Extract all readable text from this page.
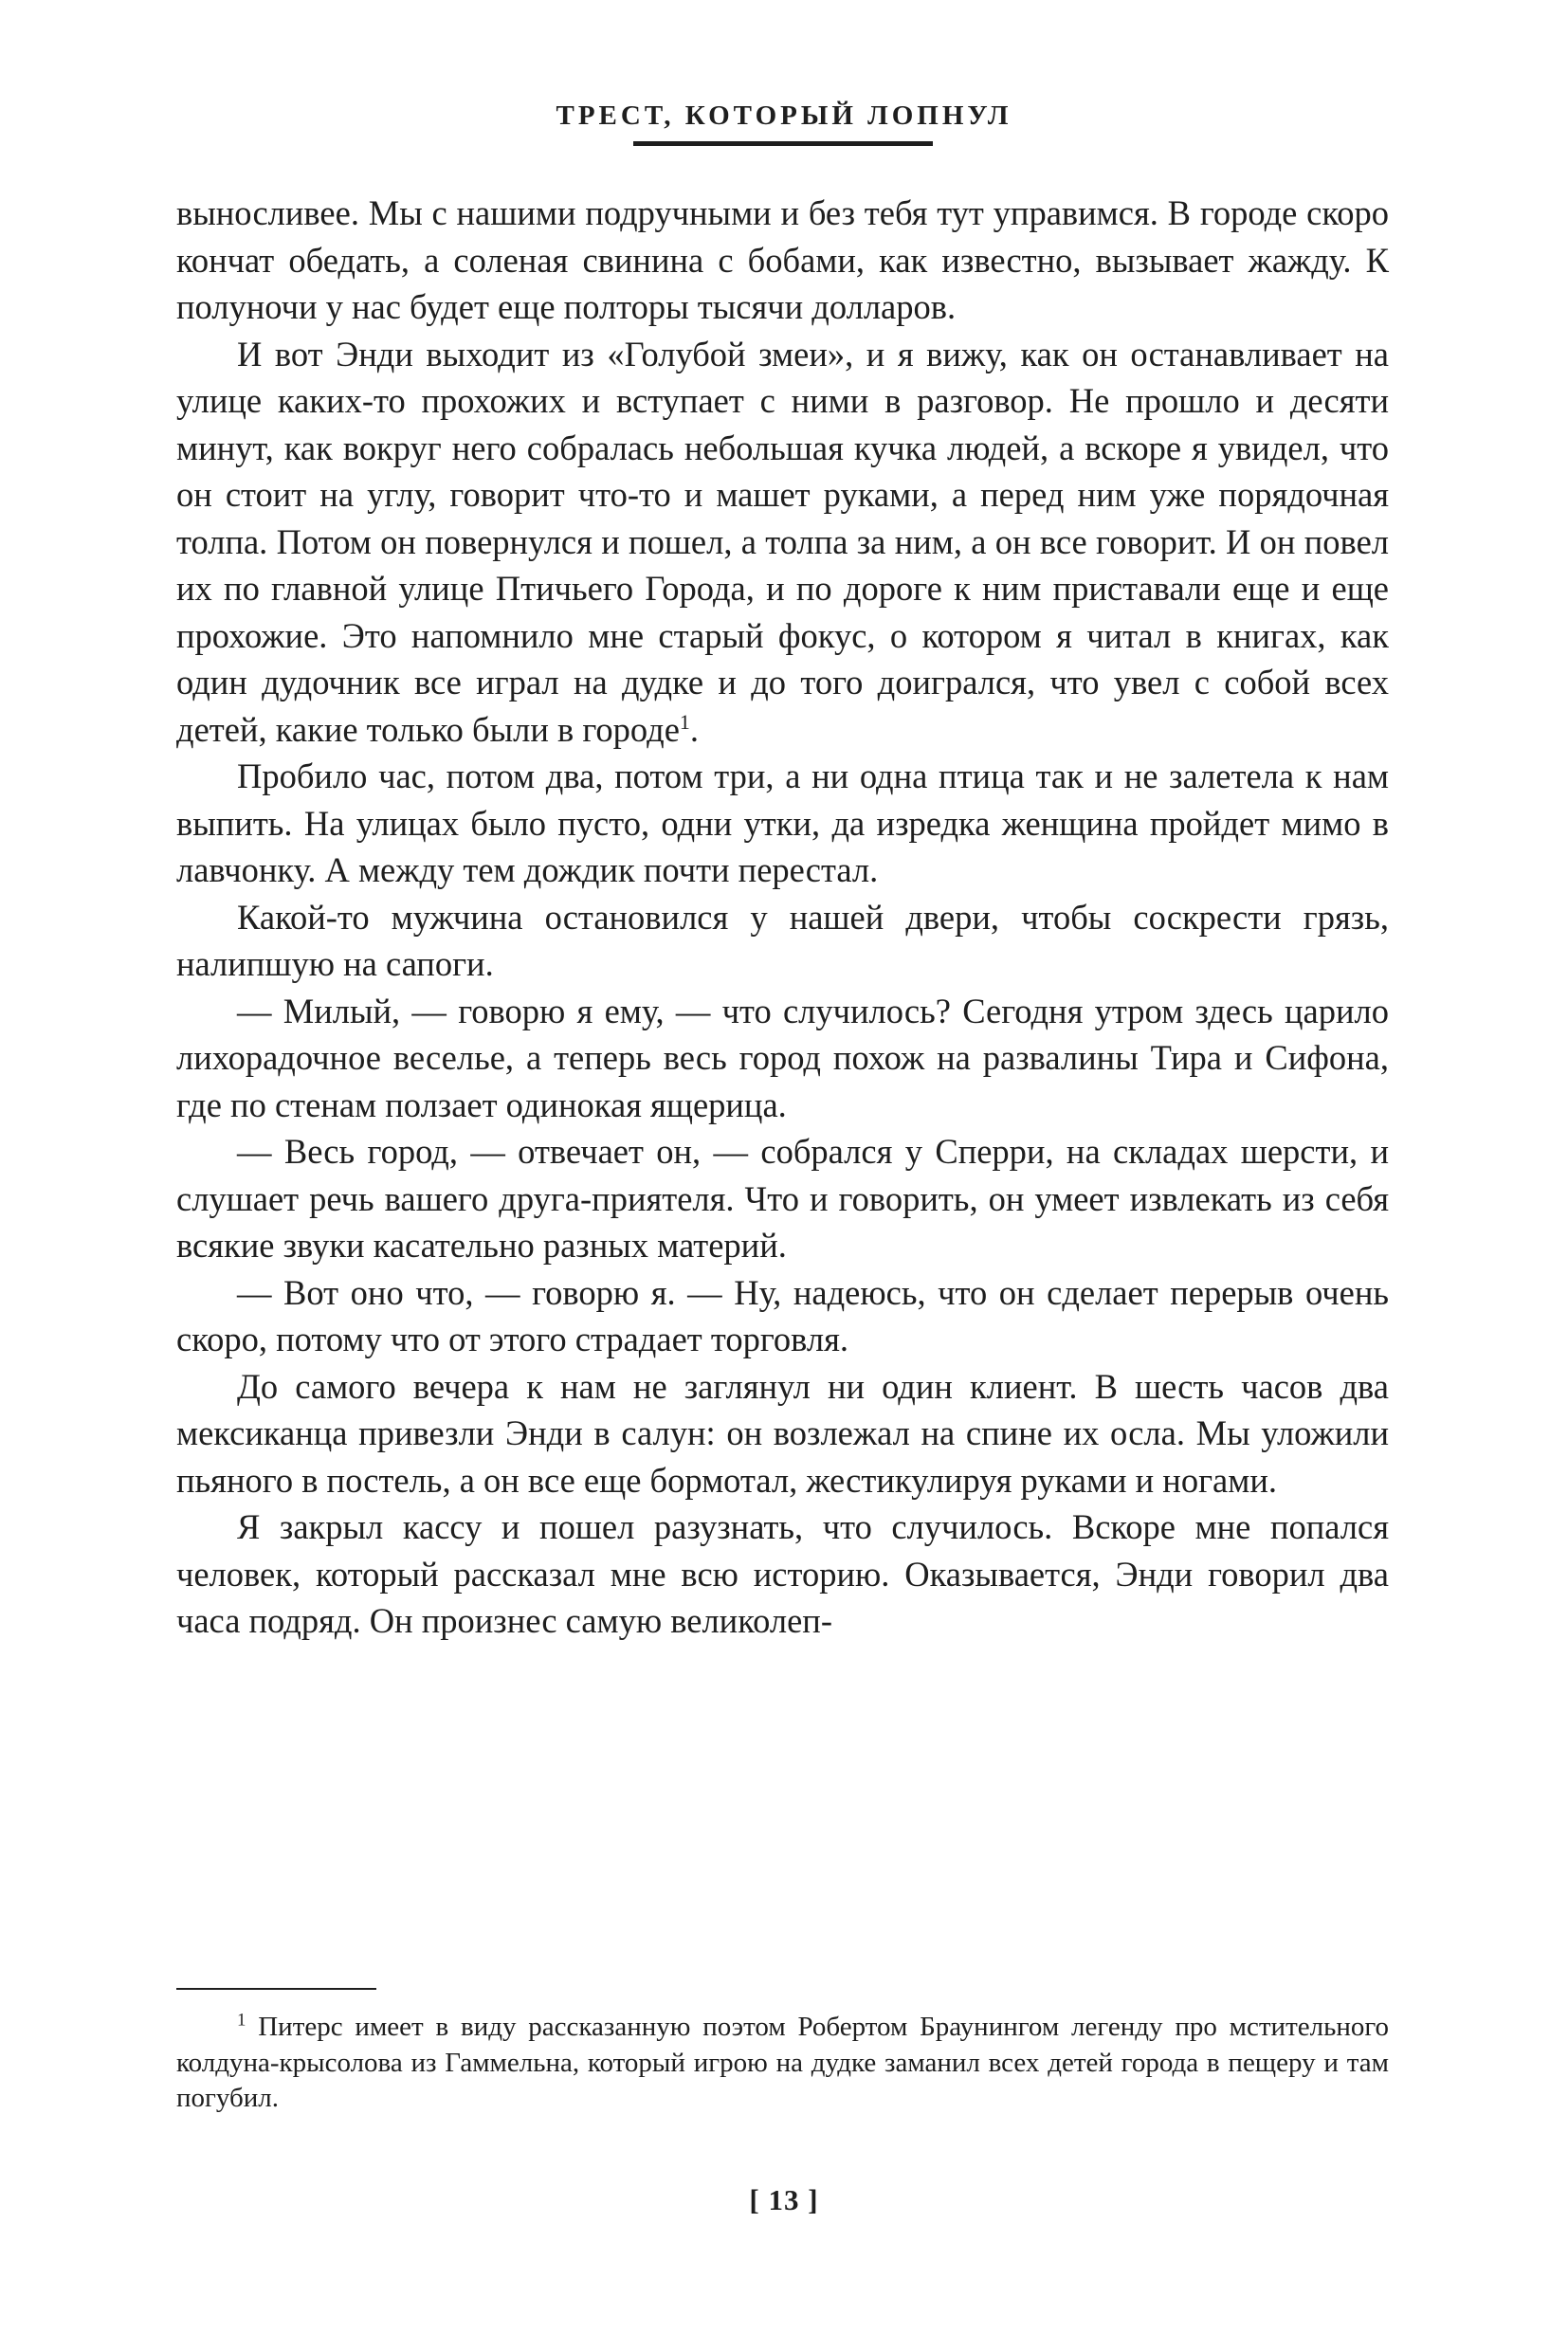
ТРЕСТ, КОТОРЫЙ ЛОПНУЛ

выносливее. Мы с нашими подручными и без тебя тут управимся. В городе скоро кончат обедать, а соленая свинина с бобами, как известно, вызывает жажду. К полуночи у нас будет еще полторы тысячи долларов.

И вот Энди выходит из «Голубой змеи», и я вижу, как он останавливает на улице каких-то прохожих и вступает с ними в разговор. Не прошло и десяти минут, как вокруг него собралась небольшая кучка людей, а вскоре я увидел, что он стоит на углу, говорит что-то и машет руками, а перед ним уже порядочная толпа. Потом он повернулся и пошел, а толпа за ним, а он все говорит. И он повел их по главной улице Птичьего Города, и по дороге к ним приставали еще и еще прохожие. Это напомнило мне старый фокус, о котором я читал в книгах, как один дудочник все играл на дудке и до того доигрался, что увел с собой всех детей, какие только были в городе$^1$.

Пробило час, потом два, потом три, а ни одна птица так и не залетела к нам выпить. На улицах было пусто, одни утки, да изредка женщина пройдет мимо в лавчонку. А между тем дождик почти перестал.

Какой-то мужчина остановился у нашей двери, чтобы соскрести грязь, налипшую на сапоги.

— Милый, — говорю я ему, — что случилось? Сегодня утром здесь царило лихорадочное веселье, а теперь весь город похож на развалины Тира и Сифона, где по стенам ползает одинокая ящерица.

— Весь город, — отвечает он, — собрался у Сперри, на складах шерсти, и слушает речь вашего друга-приятеля. Что и говорить, он умеет извлекать из себя всякие звуки касательно разных материй.

— Вот оно что, — говорю я. — Ну, надеюсь, что он сделает перерыв очень скоро, потому что от этого страдает торговля.

До самого вечера к нам не заглянул ни один клиент. В шесть часов два мексиканца привезли Энди в салун: он возлежал на спине их осла. Мы уложили пьяного в постель, а он все еще бормотал, жестикулируя руками и ногами.

Я закрыл кассу и пошел разузнать, что случилось. Вскоре мне попался человек, который рассказал мне всю историю. Оказывается, Энди говорил два часа подряд. Он произнес самую великолеп-

$^1$ Питерс имеет в виду рассказанную поэтом Робертом Браунингом легенду про мстительного колдуна-крысолова из Гаммельна, который игрою на дудке заманил всех детей города в пещеру и там погубил.

[ 13 ]
